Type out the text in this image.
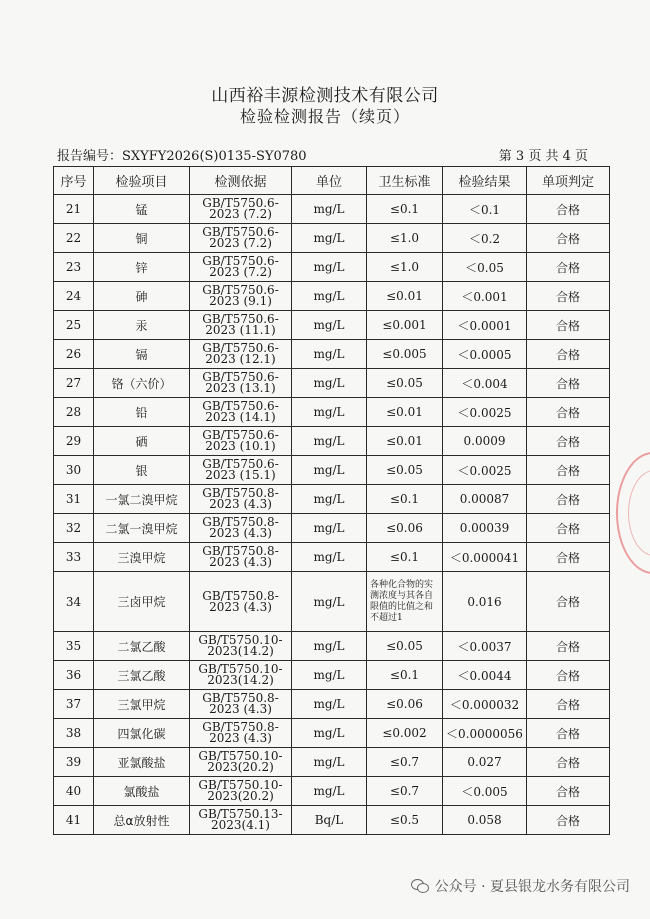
山西裕丰源检测技术有限公司
检验检测报告（续页）
报告编号：SXYFY2026(S)0135-SY0780	第 3 页 共 4 页
序号	检验项目	检测依据	单位	卫生标准	检验结果	单项判定
21	锰	GB/T5750.6-2023 (7.2)	mg/L	≤0.1	＜0.1	合格
22	铜	GB/T5750.6-2023 (7.2)	mg/L	≤1.0	＜0.2	合格
23	锌	GB/T5750.6-2023 (7.2)	mg/L	≤1.0	＜0.05	合格
24	砷	GB/T5750.6-2023 (9.1)	mg/L	≤0.01	＜0.001	合格
25	汞	GB/T5750.6-2023 (11.1)	mg/L	≤0.001	＜0.0001	合格
26	镉	GB/T5750.6-2023 (12.1)	mg/L	≤0.005	＜0.0005	合格
27	铬（六价）	GB/T5750.6-2023 (13.1)	mg/L	≤0.05	＜0.004	合格
28	铅	GB/T5750.6-2023 (14.1)	mg/L	≤0.01	＜0.0025	合格
29	硒	GB/T5750.6-2023 (10.1)	mg/L	≤0.01	0.0009	合格
30	银	GB/T5750.6-2023 (15.1)	mg/L	≤0.05	＜0.0025	合格
31	一氯二溴甲烷	GB/T5750.8-2023 (4.3)	mg/L	≤0.1	0.00087	合格
32	二氯一溴甲烷	GB/T5750.8-2023 (4.3)	mg/L	≤0.06	0.00039	合格
33	三溴甲烷	GB/T5750.8-2023 (4.3)	mg/L	≤0.1	＜0.000041	合格
34	三卤甲烷	GB/T5750.8-2023 (4.3)	mg/L	各种化合物的实测浓度与其各自限值的比值之和不超过1	0.016	合格
35	二氯乙酸	GB/T5750.10-2023(14.2)	mg/L	≤0.05	＜0.0037	合格
36	三氯乙酸	GB/T5750.10-2023(14.2)	mg/L	≤0.1	＜0.0044	合格
37	三氯甲烷	GB/T5750.8-2023 (4.3)	mg/L	≤0.06	＜0.000032	合格
38	四氯化碳	GB/T5750.8-2023 (4.3)	mg/L	≤0.002	＜0.0000056	合格
39	亚氯酸盐	GB/T5750.10-2023(20.2)	mg/L	≤0.7	0.027	合格
40	氯酸盐	GB/T5750.10-2023(20.2)	mg/L	≤0.7	＜0.005	合格
41	总α放射性	GB/T5750.13-2023(4.1)	Bq/L	≤0.5	0.058	合格
公众号 · 夏县银龙水务有限公司
